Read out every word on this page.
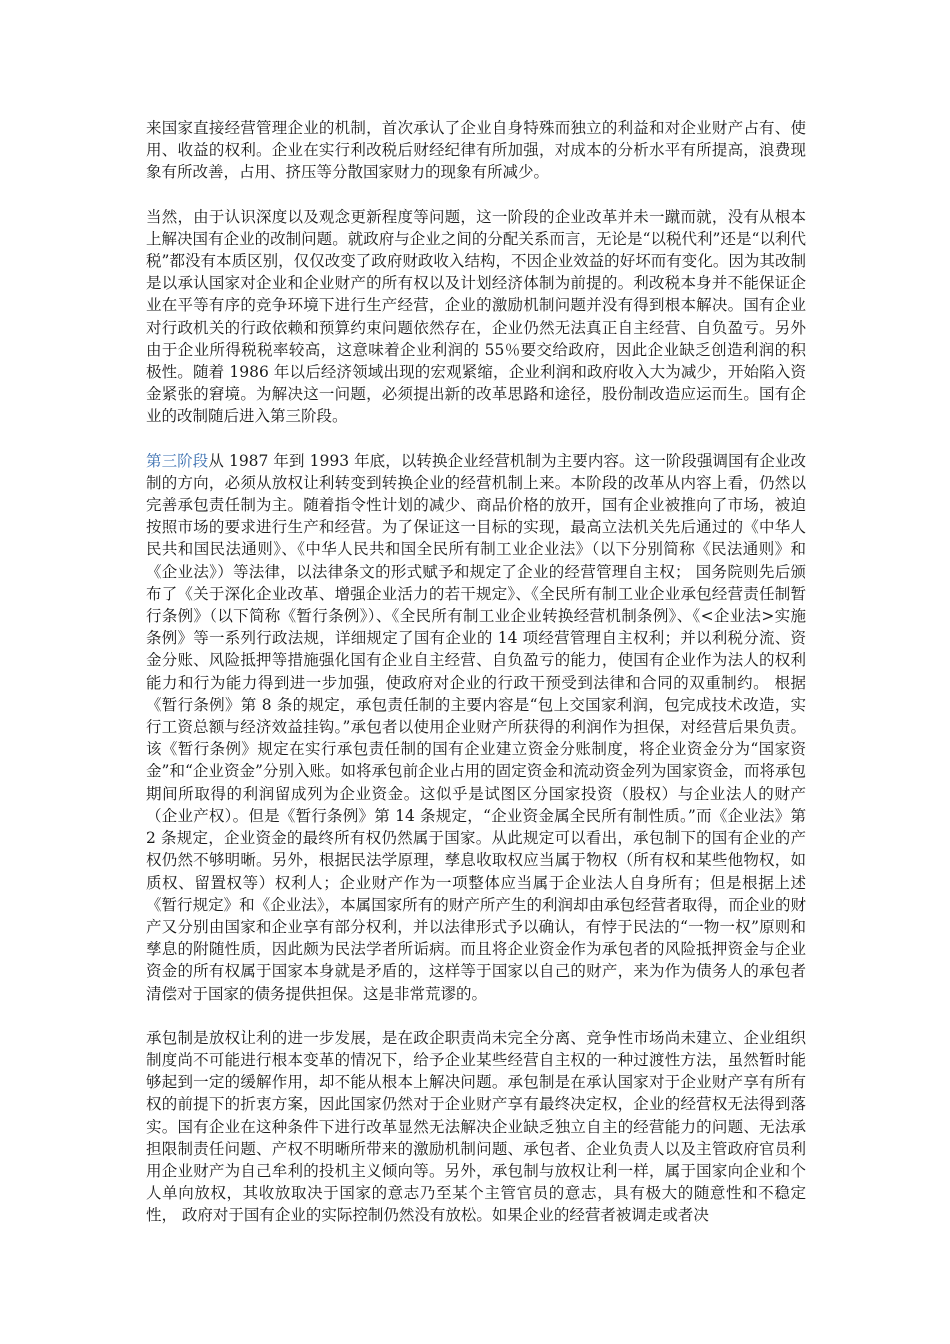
来国家直接经营管理企业的机制，首次承认了企业自身特殊而独立的利益和对企业财产占有、使用、收益的权利。企业在实行利改税后财经纪律有所加强，对成本的分析水平有所提高，浪费现象有所改善，占用、挤压等分散国家财力的现象有所减少。

当然，由于认识深度以及观念更新程度等问题，这一阶段的企业改革并未一蹴而就，没有从根本上解决国有企业的改制问题。就政府与企业之间的分配关系而言，无论是“以税代利”还是“以利代税”都没有本质区别，仅仅改变了政府财政收入结构，不因企业效益的好坏而有变化。因为其改制是以承认国家对企业和企业财产的所有权以及计划经济体制为前提的。利改税本身并不能保证企业在平等有序的竞争环境下进行生产经营，企业的激励机制问题并没有得到根本解决。国有企业对行政机关的行政依赖和预算约束问题依然存在，企业仍然无法真正自主经营、自负盈亏。另外由于企业所得税税率较高，这意味着企业利润的 55％要交给政府，因此企业缺乏创造利润的积极性。随着 1986 年以后经济领域出现的宏观紧缩，企业利润和政府收入大为减少，开始陷入资金紧张的窘境。为解决这一问题，必须提出新的改革思路和途径，股份制改造应运而生。国有企业的改制随后进入第三阶段。

第三阶段从 1987 年到 1993 年底，以转换企业经营机制为主要内容。这一阶段强调国有企业改制的方向，必须从放权让利转变到转换企业的经营机制上来。本阶段的改革从内容上看，仍然以完善承包责任制为主。随着指令性计划的减少、商品价格的放开，国有企业被推向了市场，被迫按照市场的要求进行生产和经营。为了保证这一目标的实现，最高立法机关先后通过的《中华人民共和国民法通则》、《中华人民共和国全民所有制工业企业法》（以下分别简称《民法通则》和《企业法》）等法律，以法律条文的形式赋予和规定了企业的经营管理自主权； 国务院则先后颁布了《关于深化企业改革、增强企业活力的若干规定》、《全民所有制工业企业承包经营责任制暂行条例》（以下简称《暂行条例》）、《全民所有制工业企业转换经营机制条例》、《<企业法>实施条例》等一系列行政法规，详细规定了国有企业的 14 项经营管理自主权利；并以利税分流、资金分账、风险抵押等措施强化国有企业自主经营、自负盈亏的能力，使国有企业作为法人的权利能力和行为能力得到进一步加强，使政府对企业的行政干预受到法律和合同的双重制约。 根据《暂行条例》第 8 条的规定，承包责任制的主要内容是“包上交国家利润，包完成技术改造，实行工资总额与经济效益挂钩。”承包者以使用企业财产所获得的利润作为担保，对经营后果负责。该《暂行条例》规定在实行承包责任制的国有企业建立资金分账制度，将企业资金分为“国家资金”和“企业资金”分别入账。如将承包前企业占用的固定资金和流动资金列为国家资金，而将承包期间所取得的利润留成列为企业资金。这似乎是试图区分国家投资（股权）与企业法人的财产（企业产权）。但是《暂行条例》第 14 条规定，“企业资金属全民所有制性质。”而《企业法》第 2 条规定，企业资金的最终所有权仍然属于国家。从此规定可以看出，承包制下的国有企业的产权仍然不够明晰。另外，根据民法学原理，孳息收取权应当属于物权（所有权和某些他物权，如质权、留置权等）权利人；企业财产作为一项整体应当属于企业法人自身所有；但是根据上述《暂行规定》和《企业法》，本属国家所有的财产所产生的利润却由承包经营者取得，而企业的财产又分别由国家和企业享有部分权利，并以法律形式予以确认，有悖于民法的“一物一权”原则和孳息的附随性质，因此颇为民法学者所诟病。而且将企业资金作为承包者的风险抵押资金与企业资金的所有权属于国家本身就是矛盾的，这样等于国家以自己的财产，来为作为债务人的承包者清偿对于国家的债务提供担保。这是非常荒谬的。

承包制是放权让利的进一步发展，是在政企职责尚未完全分离、竞争性市场尚未建立、企业组织制度尚不可能进行根本变革的情况下，给予企业某些经营自主权的一种过渡性方法，虽然暂时能够起到一定的缓解作用，却不能从根本上解决问题。承包制是在承认国家对于企业财产享有所有权的前提下的折衷方案，因此国家仍然对于企业财产享有最终决定权，企业的经营权无法得到落实。国有企业在这种条件下进行改革显然无法解决企业缺乏独立自主的经营能力的问题、无法承担限制责任问题、产权不明晰所带来的激励机制问题、承包者、企业负责人以及主管政府官员利用企业财产为自己牟利的投机主义倾向等。另外，承包制与放权让利一样，属于国家向企业和个人单向放权，其收放取决于国家的意志乃至某个主管官员的意志，具有极大的随意性和不稳定性， 政府对于国有企业的实际控制仍然没有放松。如果企业的经营者被调走或者决
